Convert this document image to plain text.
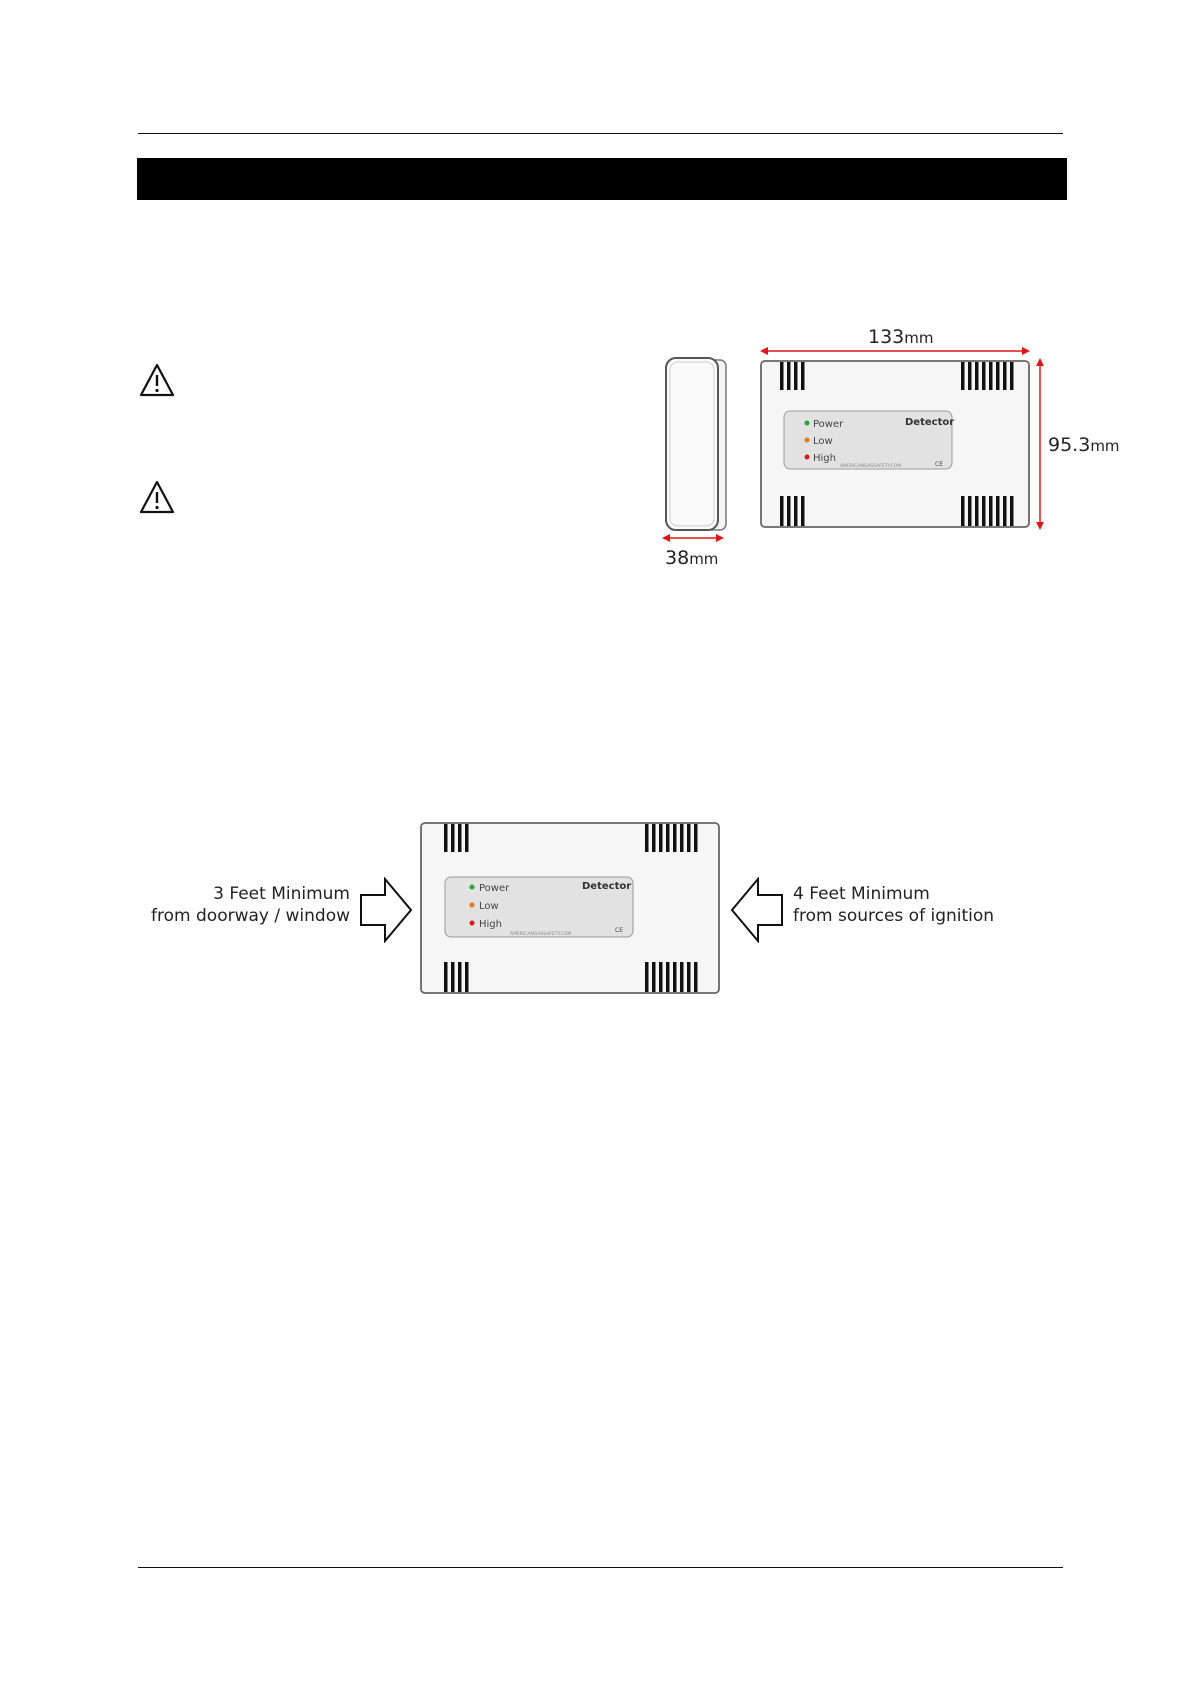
38mm
133mm
95.3mm
Power
Low
High
Detector
AMERICANGASSAFETY.COM	CE
3 Feet Minimum
from doorway / window
Power
Low
High
Detector
AMERICANGASSAFETY.COM
CE
4 Feet Minimum
from sources of ignition
